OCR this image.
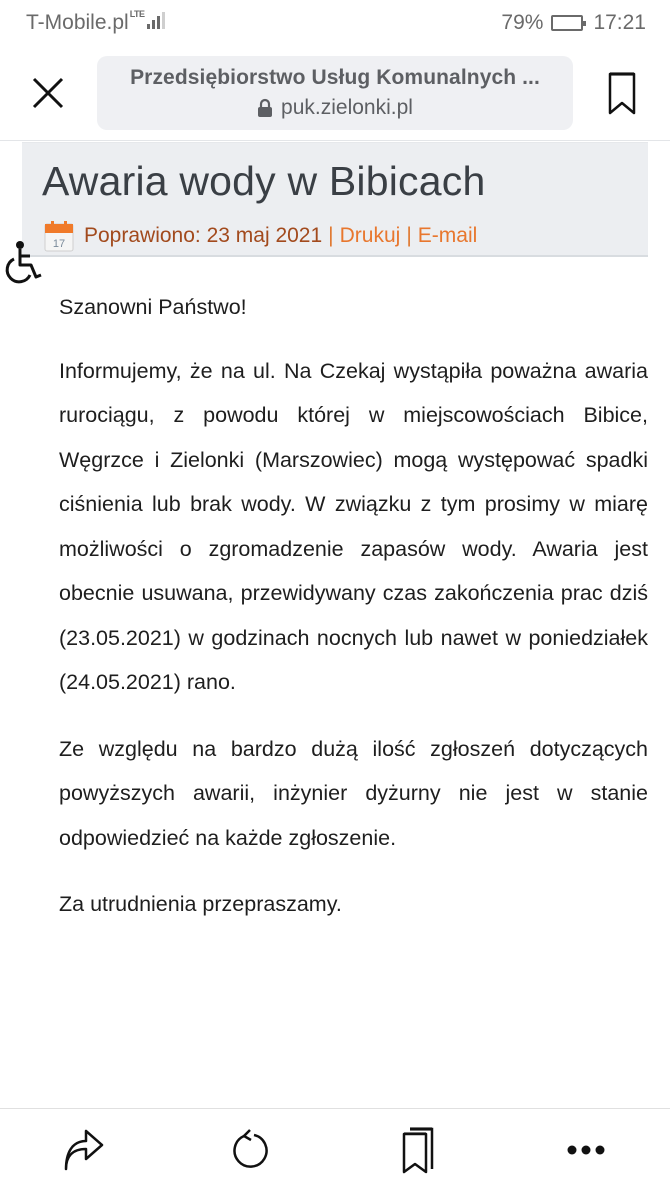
T-Mobile.pl LTE	79% 17:21
Przedsiębiorstwo Usług Komunalnych ...
puk.zielonki.pl
Awaria wody w Bibicach
17 Poprawiono: 23 maj 2021 | Drukuj | E-mail

Szanowni Państwo!

Informujemy, że na ul. Na Czekaj wystąpiła poważna awaria rurociągu, z powodu której w miejscowościach Bibice, Węgrzce i Zielonki (Marszowiec) mogą występować spadki ciśnienia lub brak wody. W związku z tym prosimy w miarę możliwości o zgromadzenie zapasów wody. Awaria jest obecnie usuwana, przewidywany czas zakończenia prac dziś (23.05.2021) w godzinach nocnych lub nawet w poniedziałek (24.05.2021) rano.

Ze względu na bardzo dużą ilość zgłoszeń dotyczących powyższych awarii, inżynier dyżurny nie jest w stanie odpowiedzieć na każde zgłoszenie.

Za utrudnienia przepraszamy.
